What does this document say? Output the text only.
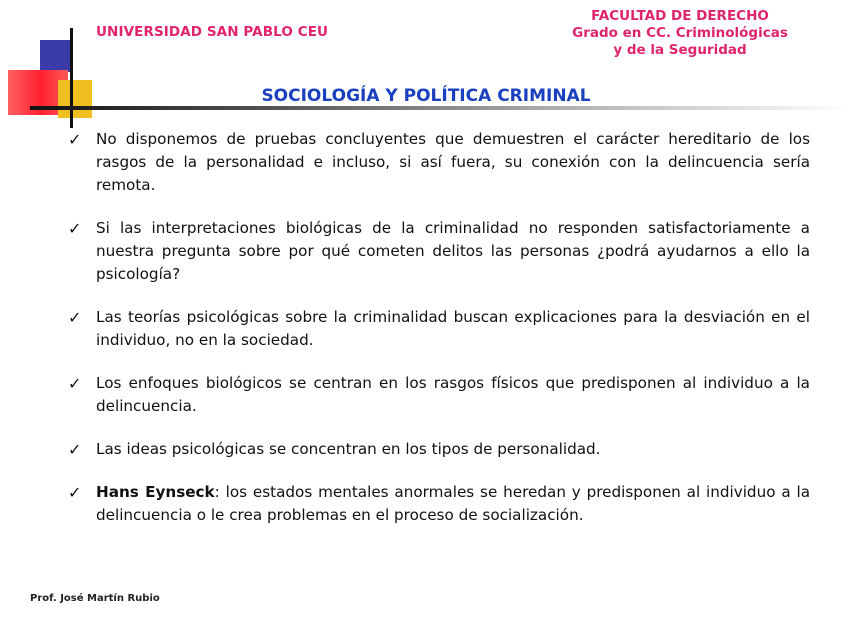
UNIVERSIDAD SAN PABLO CEU
FACULTAD DE DERECHO
Grado en CC. Criminológicas
y de la Seguridad
SOCIOLOGÍA Y POLÍTICA CRIMINAL
✓ No disponemos de pruebas concluyentes que demuestren el carácter hereditario de los rasgos de la personalidad e incluso, si así fuera, su conexión con la delincuencia sería remota.
✓ Si las interpretaciones biológicas de la criminalidad no responden satisfactoriamente a nuestra pregunta sobre por qué cometen delitos las personas ¿podrá ayudarnos a ello la psicología?
✓ Las teorías psicológicas sobre la criminalidad buscan explicaciones para la desviación en el individuo, no en la sociedad.
✓ Los enfoques biológicos se centran en los rasgos físicos que predisponen al individuo a la delincuencia.
✓ Las ideas psicológicas se concentran en los tipos de personalidad.
✓ Hans Eynseck: los estados mentales anormales se heredan y predisponen al individuo a la delincuencia o le crea problemas en el proceso de socialización.
Prof. José Martín Rubio
